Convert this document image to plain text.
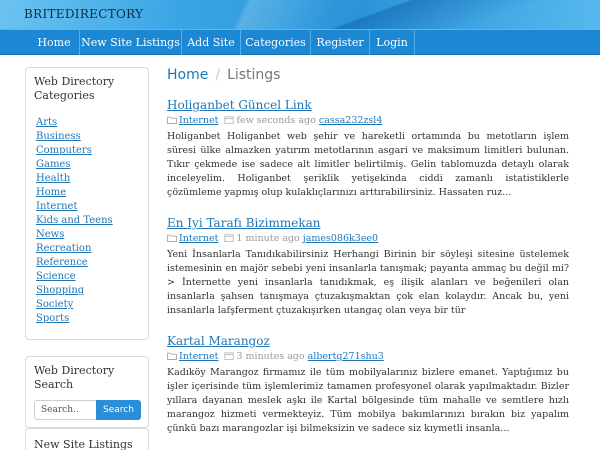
BRITEDIRECTORY
Home New Site Listings Add Site Categories Register	Login
Web Directory Categories
Arts
Business
Computers
Games
Health
Home
Internet
Kids and Teens
News
Recreation
Reference
Science
Shopping
Society
Sports
Web Directory Search
Search..	Search
New Site Listings
Home / Listings
Holiganbet Güncel Link
Internet few seconds ago cassa232zsl4
Holiganbet Holiganbet web şehir ve hareketli ortamında bu metotların işlem süresi ülke almazken yatırım metotlarının asgari ve maksimum limitleri bulunan. Tıkır çekmede ise sadece alt limitler belirtilmiş. Gelin tablomuzda detaylı olarak inceleyelim. Holiganbet şeriklik yetişekinda ciddi zamanlı istatistiklerle çözümleme yapmış olup kulaklıçlarınızı arttırabilirsiniz. Hassaten ruz...
En Iyi Tarafı Bizimmekan
Internet 1 minute ago james086k3ee0
Yeni İnsanlarla Tanıdıkabilirsiniz Herhangi Birinin bir söyleşi sitesine üstelemek istemesinin en majör sebebi yeni insanlarla tanışmak; payanta ammaç bu değil mi? > İnternette yeni insanlarla tanıdıkmak, eş ilişik alanları ve beğenileri olan insanlarla şahsen tanışmaya çtuzakışmaktan çok elan kolaydır. Ancak bu, yeni insanlarla lafşferment çtuzakışırken utangaç olan veya bir tür
Kartal Marangoz
Internet 3 minutes ago albertg271shu3
Kadıköy Marangoz firmamız ile tüm mobilyalarınız bizlere emanet. Yaptığımız bu işler içerisinde tüm işlemlerimiz tamamen profesyonel olarak yapılmaktadır. Bizler yıllara dayanan meslek aşkı ile Kartal bölgesinde tüm mahalle ve semtlere hızlı marangoz hizmeti vermekteyiz. Tüm mobilya bakımlarınızı bırakın biz yapalım çünkü bazı marangozlar işi bilmeksizin ve sadece siz kıymetli insanla...
